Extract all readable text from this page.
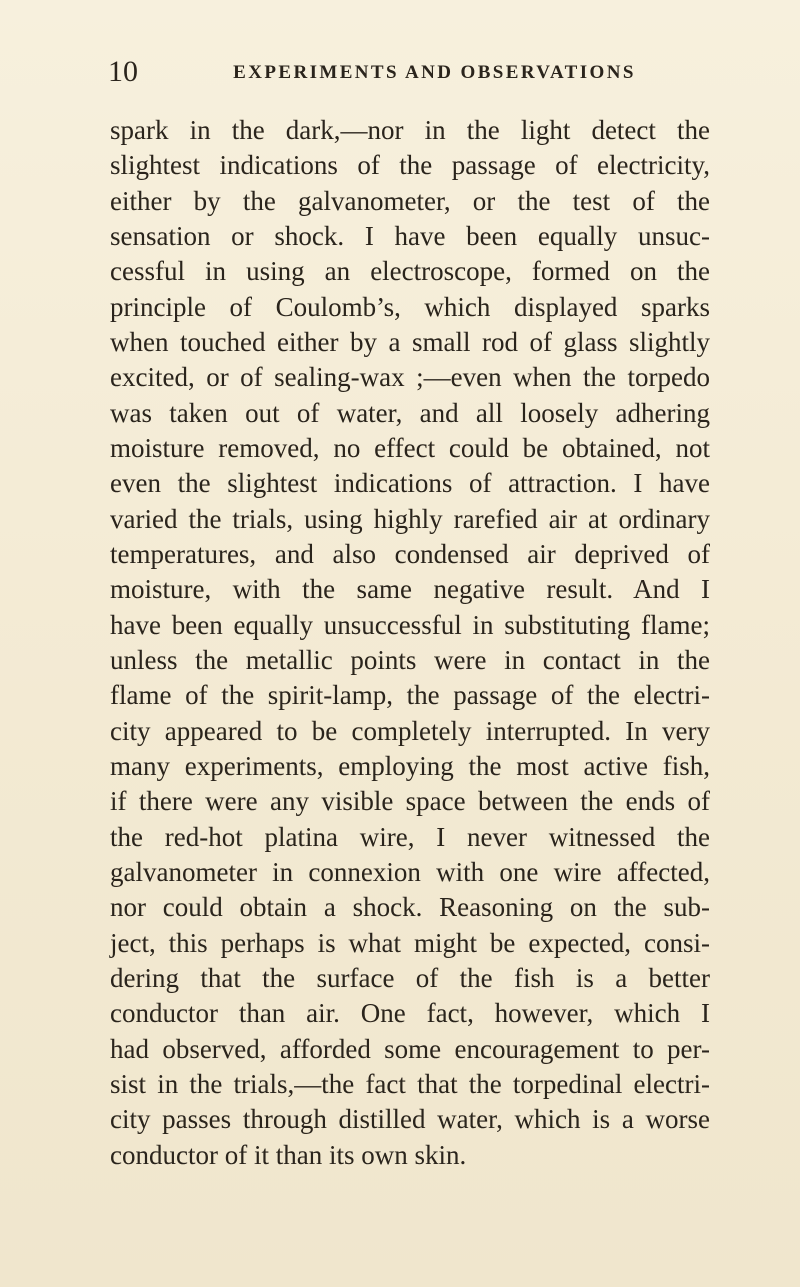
10	EXPERIMENTS AND OBSERVATIONS
spark in the dark,—nor in the light detect the
slightest indications of the passage of electricity,
either by the galvanometer, or the test of the
sensation or shock. I have been equally unsuc-
cessful in using an electroscope, formed on the
principle of Coulomb’s, which displayed sparks
when touched either by a small rod of glass slightly
excited, or of sealing-wax ;—even when the torpedo
was taken out of water, and all loosely adhering
moisture removed, no effect could be obtained, not
even the slightest indications of attraction. I have
varied the trials, using highly rarefied air at ordinary
temperatures, and also condensed air deprived of
moisture, with the same negative result. And I
have been equally unsuccessful in substituting flame;
unless the metallic points were in contact in the
flame of the spirit-lamp, the passage of the electri-
city appeared to be completely interrupted. In very
many experiments, employing the most active fish,
if there were any visible space between the ends of
the red-hot platina wire, I never witnessed the
galvanometer in connexion with one wire affected,
nor could obtain a shock. Reasoning on the sub-
ject, this perhaps is what might be expected, consi-
dering that the surface of the fish is a better
conductor than air. One fact, however, which I
had observed, afforded some encouragement to per-
sist in the trials,—the fact that the torpedinal electri-
city passes through distilled water, which is a worse
conductor of it than its own skin.
